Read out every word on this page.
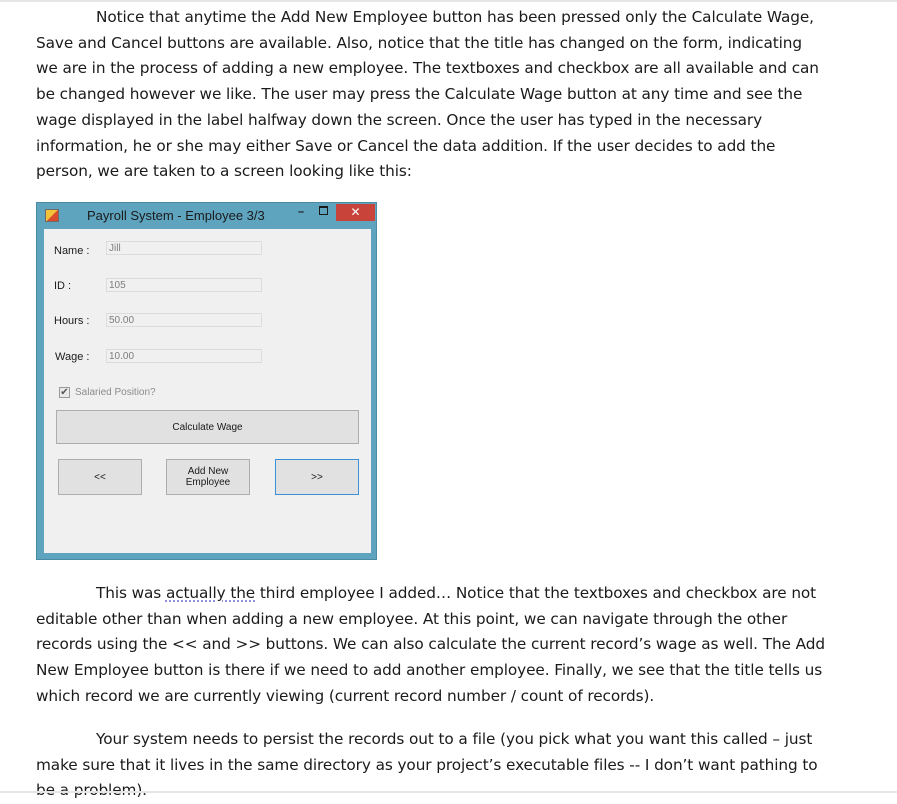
Notice that anytime the Add New Employee button has been pressed only the Calculate Wage, Save and Cancel buttons are available. Also, notice that the title has changed on the form, indicating we are in the process of adding a new employee. The textboxes and checkbox are all available and can be changed however we like. The user may press the Calculate Wage button at any time and see the wage displayed in the label halfway down the screen. Once the user has typed in the necessary information, he or she may either Save or Cancel the data addition. If the user decides to add the person, we are taken to a screen looking like this:

Payroll System - Employee 3/3	–	✕
Name :	Jill
ID :	105
Hours :	50.00
Wage :	10.00
✔ Salaried Position?
Calculate Wage
<<	Add New
Employee	>>

This was actually the third employee I added… Notice that the textboxes and checkbox are not editable other than when adding a new employee. At this point, we can navigate through the other records using the << and >> buttons. We can also calculate the current record’s wage as well. The Add New Employee button is there if we need to add another employee. Finally, we see that the title tells us which record we are currently viewing (current record number / count of records).

Your system needs to persist the records out to a file (you pick what you want this called – just make sure that it lives in the same directory as your project’s executable files -- I don’t want pathing to
